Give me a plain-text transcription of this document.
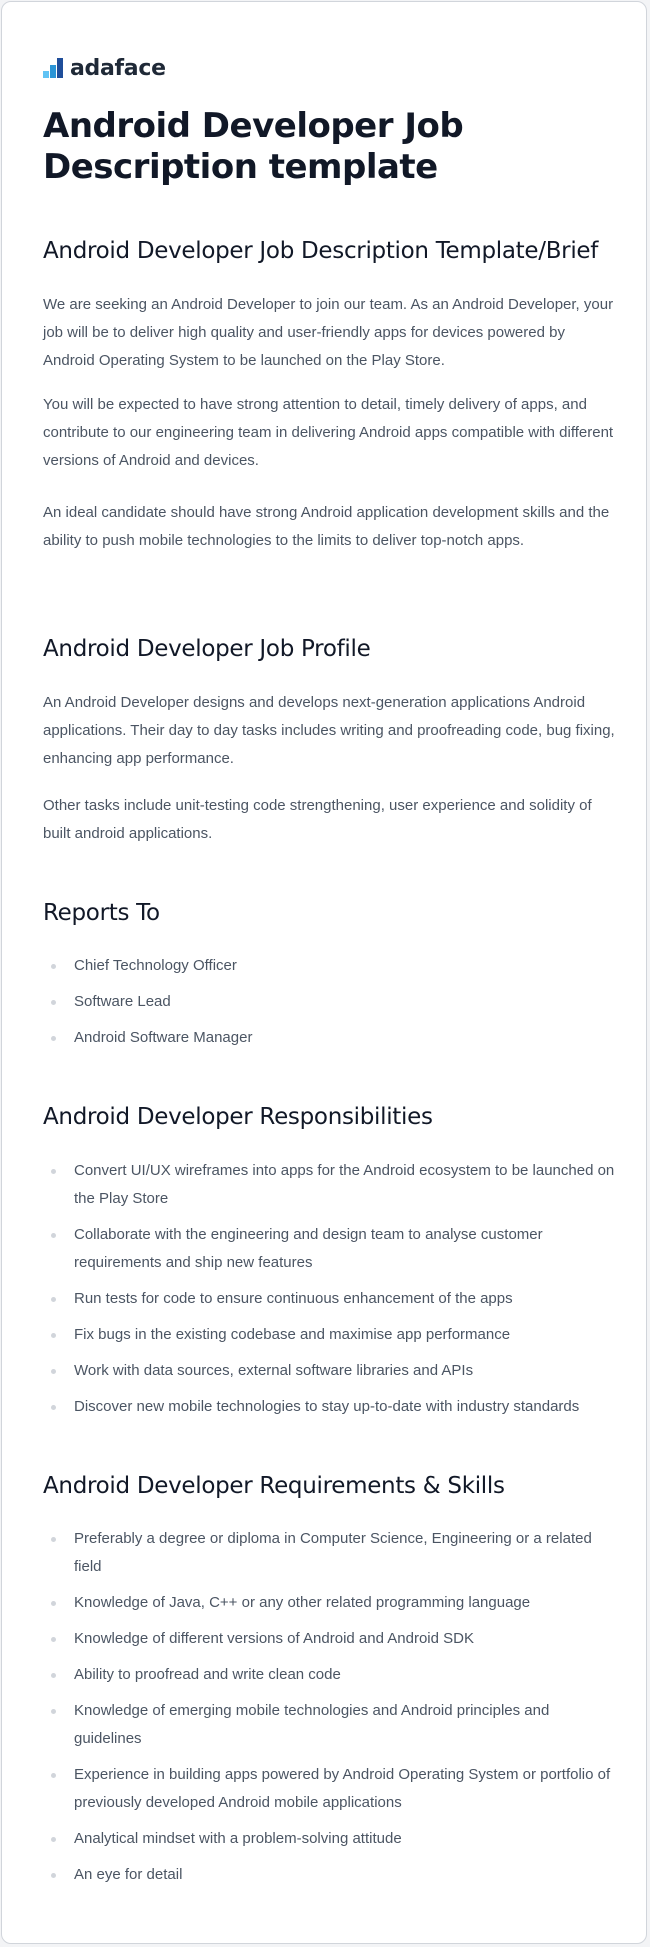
adaface
Android Developer Job Description template
Android Developer Job Description Template/Brief

We are seeking an Android Developer to join our team. As an Android Developer, your job will be to deliver high quality and user-friendly apps for devices powered by Android Operating System to be launched on the Play Store.

You will be expected to have strong attention to detail, timely delivery of apps, and contribute to our engineering team in delivering Android apps compatible with different versions of Android and devices.

An ideal candidate should have strong Android application development skills and the ability to push mobile technologies to the limits to deliver top-notch apps.

Android Developer Job Profile

An Android Developer designs and develops next-generation applications Android applications. Their day to day tasks includes writing and proofreading code, bug fixing, enhancing app performance.

Other tasks include unit-testing code strengthening, user experience and solidity of built android applications.

Reports To
Chief Technology Officer
Software Lead
Android Software Manager
Android Developer Responsibilities
Convert UI/UX wireframes into apps for the Android ecosystem to be launched on the Play Store
Collaborate with the engineering and design team to analyse customer requirements and ship new features
Run tests for code to ensure continuous enhancement of the apps
Fix bugs in the existing codebase and maximise app performance
Work with data sources, external software libraries and APIs
Discover new mobile technologies to stay up-to-date with industry standards
Android Developer Requirements & Skills
Preferably a degree or diploma in Computer Science, Engineering or a related field
Knowledge of Java, C++ or any other related programming language
Knowledge of different versions of Android and Android SDK
Ability to proofread and write clean code
Knowledge of emerging mobile technologies and Android principles and guidelines
Experience in building apps powered by Android Operating System or portfolio of previously developed Android mobile applications
Analytical mindset with a problem-solving attitude
An eye for detail
